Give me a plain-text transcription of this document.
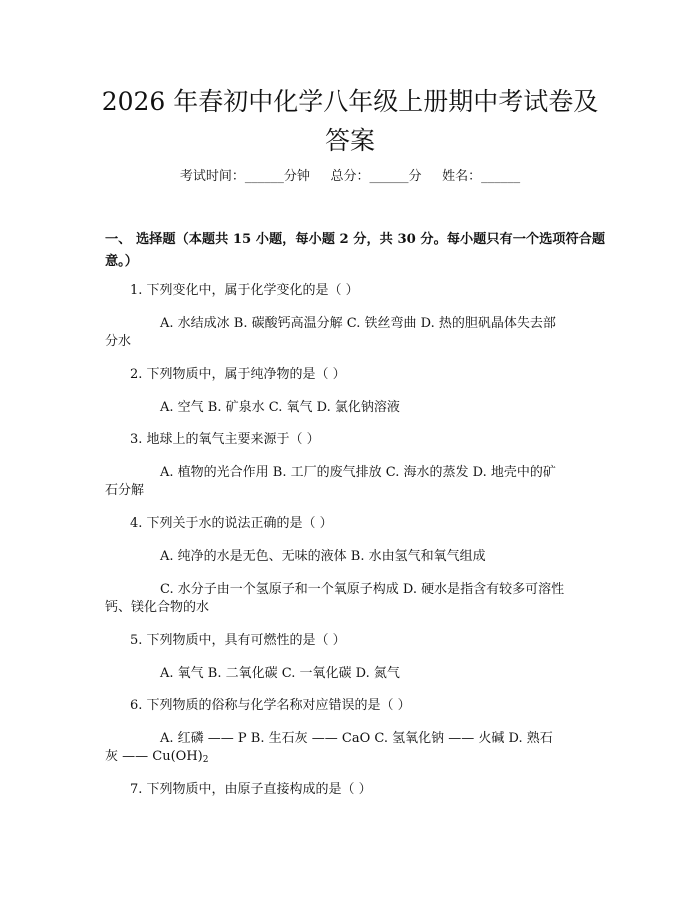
2026 年春初中化学八年级上册期中考试卷及答案
考试时间：______分钟     总分：______分     姓名：______
一、 选择题（本题共 15 小题，每小题 2 分，共 30 分。每小题只有一个选项符合题意。）
1. 下列变化中，属于化学变化的是（ ）
A. 水结成冰 B. 碳酸钙高温分解 C. 铁丝弯曲 D. 热的胆矾晶体失去部
分水
2. 下列物质中，属于纯净物的是（ ）
A. 空气 B. 矿泉水 C. 氧气 D. 氯化钠溶液
3. 地球上的氧气主要来源于（ ）
A. 植物的光合作用 B. 工厂的废气排放 C. 海水的蒸发 D. 地壳中的矿
石分解
4. 下列关于水的说法正确的是（ ）
A. 纯净的水是无色、无味的液体 B. 水由氢气和氧气组成
C. 水分子由一个氢原子和一个氧原子构成 D. 硬水是指含有较多可溶性
钙、镁化合物的水
5. 下列物质中，具有可燃性的是（ ）
A. 氧气 B. 二氧化碳 C. 一氧化碳 D. 氮气
6. 下列物质的俗称与化学名称对应错误的是（ ）
A. 红磷 —— P B. 生石灰 —— CaO C. 氢氧化钠 —— 火碱 D. 熟石
灰 —— $Cu(OH)_2$
7. 下列物质中，由原子直接构成的是（ ）
